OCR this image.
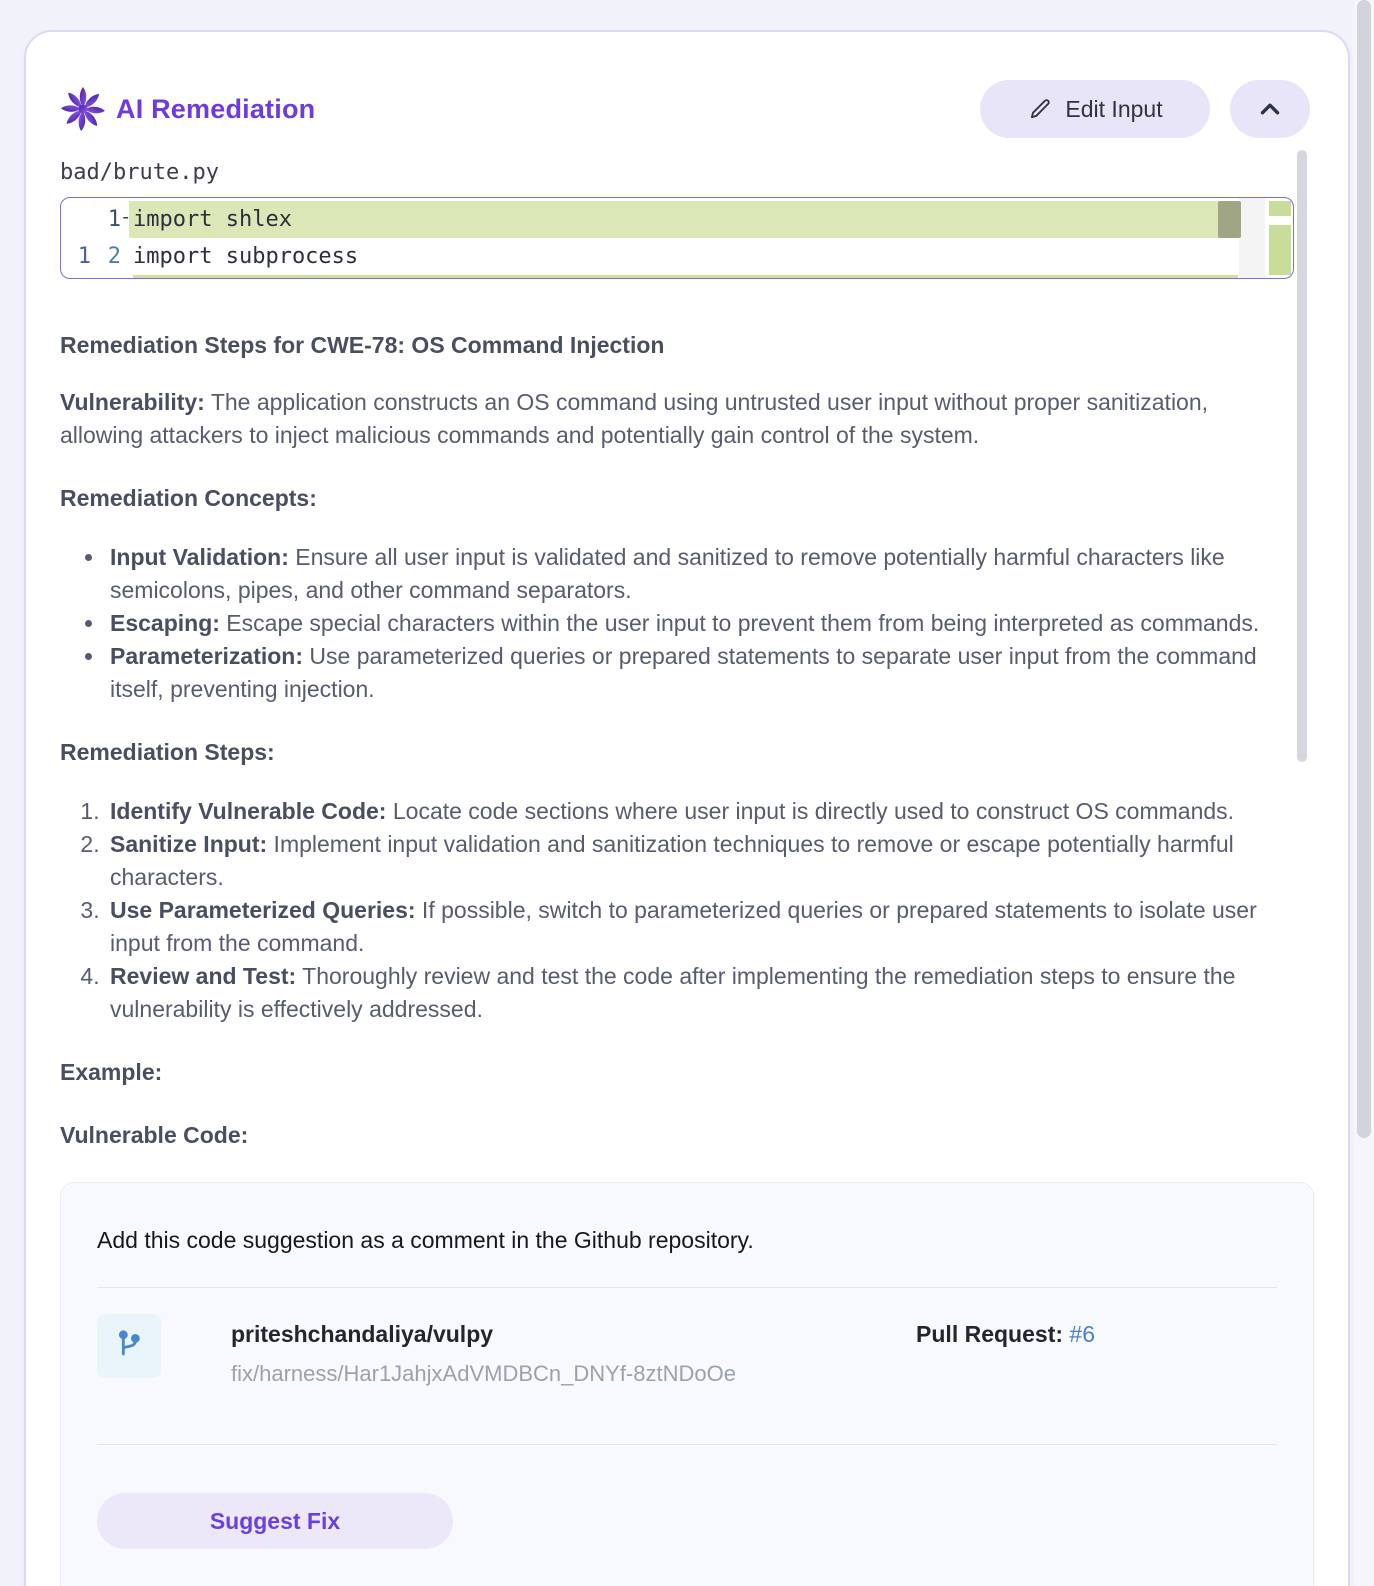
AI Remediation	Edit Input
bad/brute.py
1 - import shlex
1 2 import subprocess
Remediation Steps for CWE-78: OS Command Injection

Vulnerability: The application constructs an OS command using untrusted user input without proper sanitization, allowing attackers to inject malicious commands and potentially gain control of the system.

Remediation Concepts:
• Input Validation: Ensure all user input is validated and sanitized to remove potentially harmful characters like semicolons, pipes, and other command separators.
• Escaping: Escape special characters within the user input to prevent them from being interpreted as commands.
• Parameterization: Use parameterized queries or prepared statements to separate user input from the command itself, preventing injection.
Remediation Steps:
1. Identify Vulnerable Code: Locate code sections where user input is directly used to construct OS commands.
2. Sanitize Input: Implement input validation and sanitization techniques to remove or escape potentially harmful characters.
3. Use Parameterized Queries: If possible, switch to parameterized queries or prepared statements to isolate user input from the command.
4. Review and Test: Thoroughly review and test the code after implementing the remediation steps to ensure the vulnerability is effectively addressed.
Example:
Vulnerable Code:
Add this code suggestion as a comment in the Github repository.
priteshchandaliya/vulpy
fix/harness/Har1JahjxAdVMDBCn_DNYf-8ztNDoOe
Pull Request: #6
Suggest Fix
